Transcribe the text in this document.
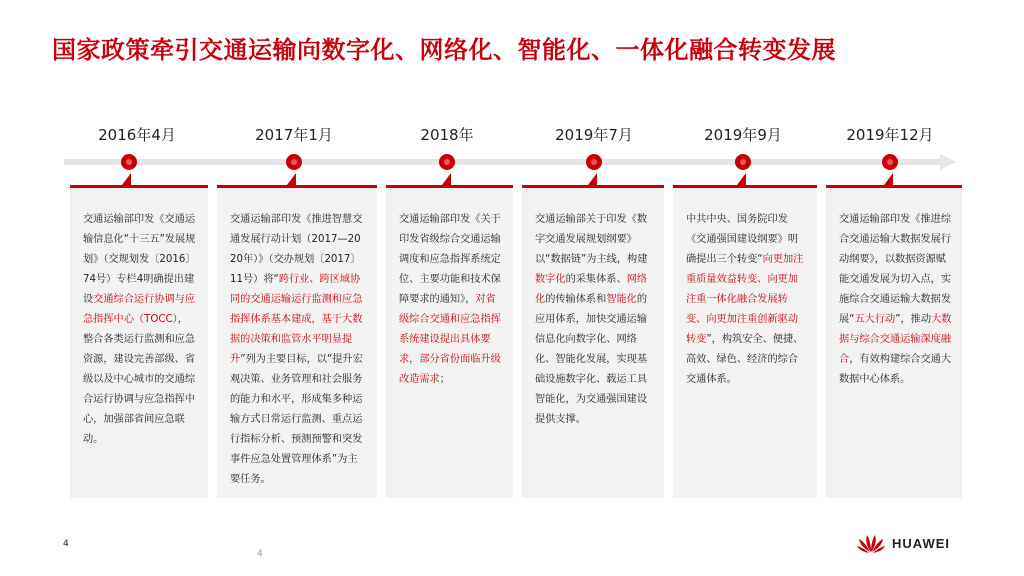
国家政策牵引交通运输向数字化、网络化、智能化、一体化融合转变发展
2016年4月	2017年1月	2018年	2019年7月	2019年9月	2019年12月
交通运输部印发《交通运输信息化“十三五”发展规划》（交规划发〔2016〕74号）专栏4明确提出建设交通综合运行协调与应急指挥中心（TOCC），整合各类运行监测和应急资源，建设完善部级、省级以及中心城市的交通综合运行协调与应急指挥中心，加强部省间应急联动。
交通运输部印发《推进智慧交通发展行动计划（2017—2020年）》（交办规划〔2017〕11号）将“跨行业、跨区域协同的交通运输运行监测和应急指挥体系基本建成，基于大数据的决策和监管水平明显提升”列为主要目标，以“提升宏观决策、业务管理和社会服务的能力和水平，形成集多种运输方式日常运行监测、重点运行指标分析、预测预警和突发事件应急处置管理体系”为主要任务。
交通运输部印发《关于印发省级综合交通运输调度和应急指挥系统定位、主要功能和技术保障要求的通知》，对省级综合交通和应急指挥系统建设提出具体要求，部分省份面临升级改造需求；
交通运输部关于印发《数字交通发展规划纲要》以“数据链”为主线，构建数字化的采集体系、网络化的传输体系和智能化的应用体系，加快交通运输信息化向数字化、网络化、智能化发展，实现基础设施数字化、载运工具智能化，为交通强国建设提供支撑。
中共中央、国务院印发《交通强国建设纲要》明确提出三个转变“向更加注重质量效益转变、向更加注重一体化融合发展转变、向更加注重创新驱动转变”，构筑安全、便捷、高效、绿色、经济的综合交通体系。
交通运输部印发《推进综合交通运输大数据发展行动纲要》，以数据资源赋能交通发展为切入点，实施综合交通运输大数据发展“五大行动”，推动大数据与综合交通运输深度融合，有效构建综合交通大数据中心体系。
4
4
HUAWEI
